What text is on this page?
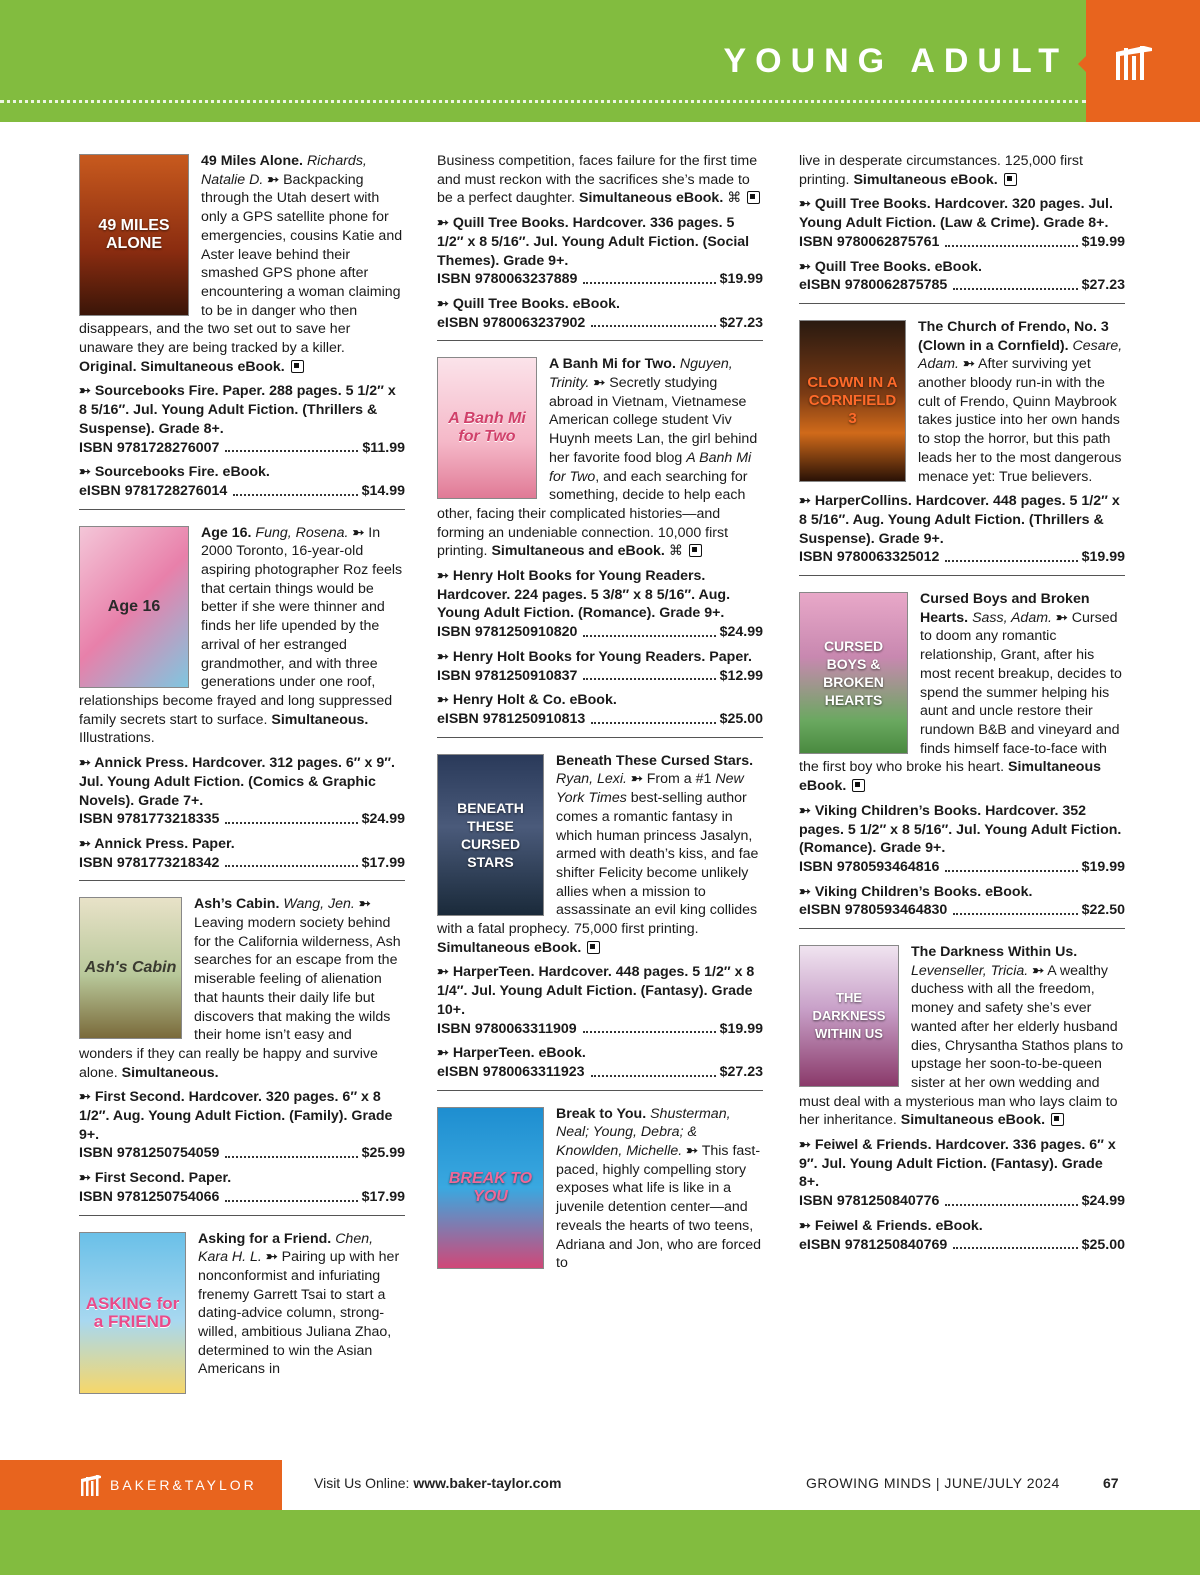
YOUNG ADULT
49 MILES ALONE
49 Miles Alone. Richards, Natalie D. ➳ Backpacking through the Utah desert with only a GPS satellite phone for emergencies, cousins Katie and Aster leave behind their smashed GPS phone after encountering a woman claiming to be in danger who then disappears, and the two set out to save her unaware they are being tracked by a killer. Original. Simultaneous eBook.
➳ Sourcebooks Fire. Paper. 288 pages. 5 1/2″ x 8 5/16″. Jul. Young Adult Fiction. (Thrillers & Suspense). Grade 8+.
ISBN 9781728276007	$11.99
➳ Sourcebooks Fire. eBook.
eISBN 9781728276014	$14.99
Age 16
Age 16. Fung, Rosena. ➳ In 2000 Toronto, 16-year-old aspiring photographer Roz feels that certain things would be better if she were thinner and finds her life upended by the arrival of her estranged grandmother, and with three generations under one roof, relationships become frayed and long suppressed family secrets start to surface. Simultaneous. Illustrations.
➳ Annick Press. Hardcover. 312 pages. 6″ x 9″. Jul. Young Adult Fiction. (Comics & Graphic Novels). Grade 7+.
ISBN 9781773218335	$24.99
➳ Annick Press. Paper.
ISBN 9781773218342	$17.99
Ash's Cabin
Ash’s Cabin. Wang, Jen. ➳ Leaving modern society behind for the California wilderness, Ash searches for an escape from the miserable feeling of alienation that haunts their daily life but discovers that making the wilds their home isn’t easy and wonders if they can really be happy and survive alone. Simultaneous.
➳ First Second. Hardcover. 320 pages. 6″ x 8 1/2″. Aug. Young Adult Fiction. (Family). Grade 9+.
ISBN 9781250754059	$25.99
➳ First Second. Paper.
ISBN 9781250754066	$17.99
ASKING for a FRIEND
Asking for a Friend. Chen, Kara H. L. ➳ Pairing up with her nonconformist and infuriating frenemy Garrett Tsai to start a dating-advice column, strong-willed, ambitious Juliana Zhao, determined to win the Asian Americans in
Business competition, faces failure for the first time and must reckon with the sacrifices she’s made to be a perfect daughter. Simultaneous eBook. ⌘
➳ Quill Tree Books. Hardcover. 336 pages. 5 1/2″ x 8 5/16″. Jul. Young Adult Fiction. (Social Themes). Grade 9+.
ISBN 9780063237889	$19.99
➳ Quill Tree Books. eBook.
eISBN 9780063237902	$27.23
A Banh Mi for Two
A Banh Mi for Two. Nguyen, Trinity. ➳ Secretly studying abroad in Vietnam, Vietnamese American college student Viv Huynh meets Lan, the girl behind her favorite food blog A Banh Mi for Two, and each searching for something, decide to help each other, facing their complicated histories—and forming an undeniable connection. 10,000 first printing. Simultaneous and eBook. ⌘
➳ Henry Holt Books for Young Readers. Hardcover. 224 pages. 5 3/8″ x 8 5/16″. Aug. Young Adult Fiction. (Romance). Grade 9+.
ISBN 9781250910820	$24.99
➳ Henry Holt Books for Young Readers. Paper.
ISBN 9781250910837	$12.99
➳ Henry Holt & Co. eBook.
eISBN 9781250910813	$25.00
BENEATH THESE CURSED STARS
Beneath These Cursed Stars. Ryan, Lexi. ➳ From a #1 New York Times best-selling author comes a romantic fantasy in which human princess Jasalyn, armed with death’s kiss, and fae shifter Felicity become unlikely allies when a mission to assassinate an evil king collides with a fatal prophecy. 75,000 first printing. Simultaneous eBook.
➳ HarperTeen. Hardcover. 448 pages. 5 1/2″ x 8 1/4″. Jul. Young Adult Fiction. (Fantasy). Grade 10+.
ISBN 9780063311909	$19.99
➳ HarperTeen. eBook.
eISBN 9780063311923	$27.23
BREAK TO YOU
Break to You. Shusterman, Neal; Young, Debra; & Knowlden, Michelle. ➳ This fast-paced, highly compelling story exposes what life is like in a juvenile detention center—and reveals the hearts of two teens, Adriana and Jon, who are forced to
live in desperate circumstances. 125,000 first printing. Simultaneous eBook.
➳ Quill Tree Books. Hardcover. 320 pages. Jul. Young Adult Fiction. (Law & Crime). Grade 8+.
ISBN 9780062875761	$19.99
➳ Quill Tree Books. eBook.
eISBN 9780062875785	$27.23
CLOWN IN A CORNFIELD 3
The Church of Frendo, No. 3 (Clown in a Cornfield). Cesare, Adam. ➳ After surviving yet another bloody run-in with the cult of Frendo, Quinn Maybrook takes justice into her own hands to stop the horror, but this path leads her to the most dangerous menace yet: True believers.
➳ HarperCollins. Hardcover. 448 pages. 5 1/2″ x 8 5/16″. Aug. Young Adult Fiction. (Thrillers & Suspense). Grade 9+.
ISBN 9780063325012	$19.99
CURSED BOYS & BROKEN HEARTS
Cursed Boys and Broken Hearts. Sass, Adam. ➳ Cursed to doom any romantic relationship, Grant, after his most recent breakup, decides to spend the summer helping his aunt and uncle restore their rundown B&B and vineyard and finds himself face-to-face with the first boy who broke his heart. Simultaneous eBook.
➳ Viking Children’s Books. Hardcover. 352 pages. 5 1/2″ x 8 5/16″. Jul. Young Adult Fiction. (Romance). Grade 9+.
ISBN 9780593464816	$19.99
➳ Viking Children’s Books. eBook.
eISBN 9780593464830	$22.50
THE DARKNESS WITHIN US
The Darkness Within Us. Levenseller, Tricia. ➳ A wealthy duchess with all the freedom, money and safety she’s ever wanted after her elderly husband dies, Chrysantha Stathos plans to upstage her soon-to-be-queen sister at her own wedding and must deal with a mysterious man who lays claim to her inheritance. Simultaneous eBook.
➳ Feiwel & Friends. Hardcover. 336 pages. 6″ x 9″. Jul. Young Adult Fiction. (Fantasy). Grade 8+.
ISBN 9781250840776	$24.99
➳ Feiwel & Friends. eBook.
eISBN 9781250840769	$25.00
BAKER&TAYLOR	Visit Us Online: www.baker-taylor.com	GROWING MINDS | JUNE/JULY 2024	67
